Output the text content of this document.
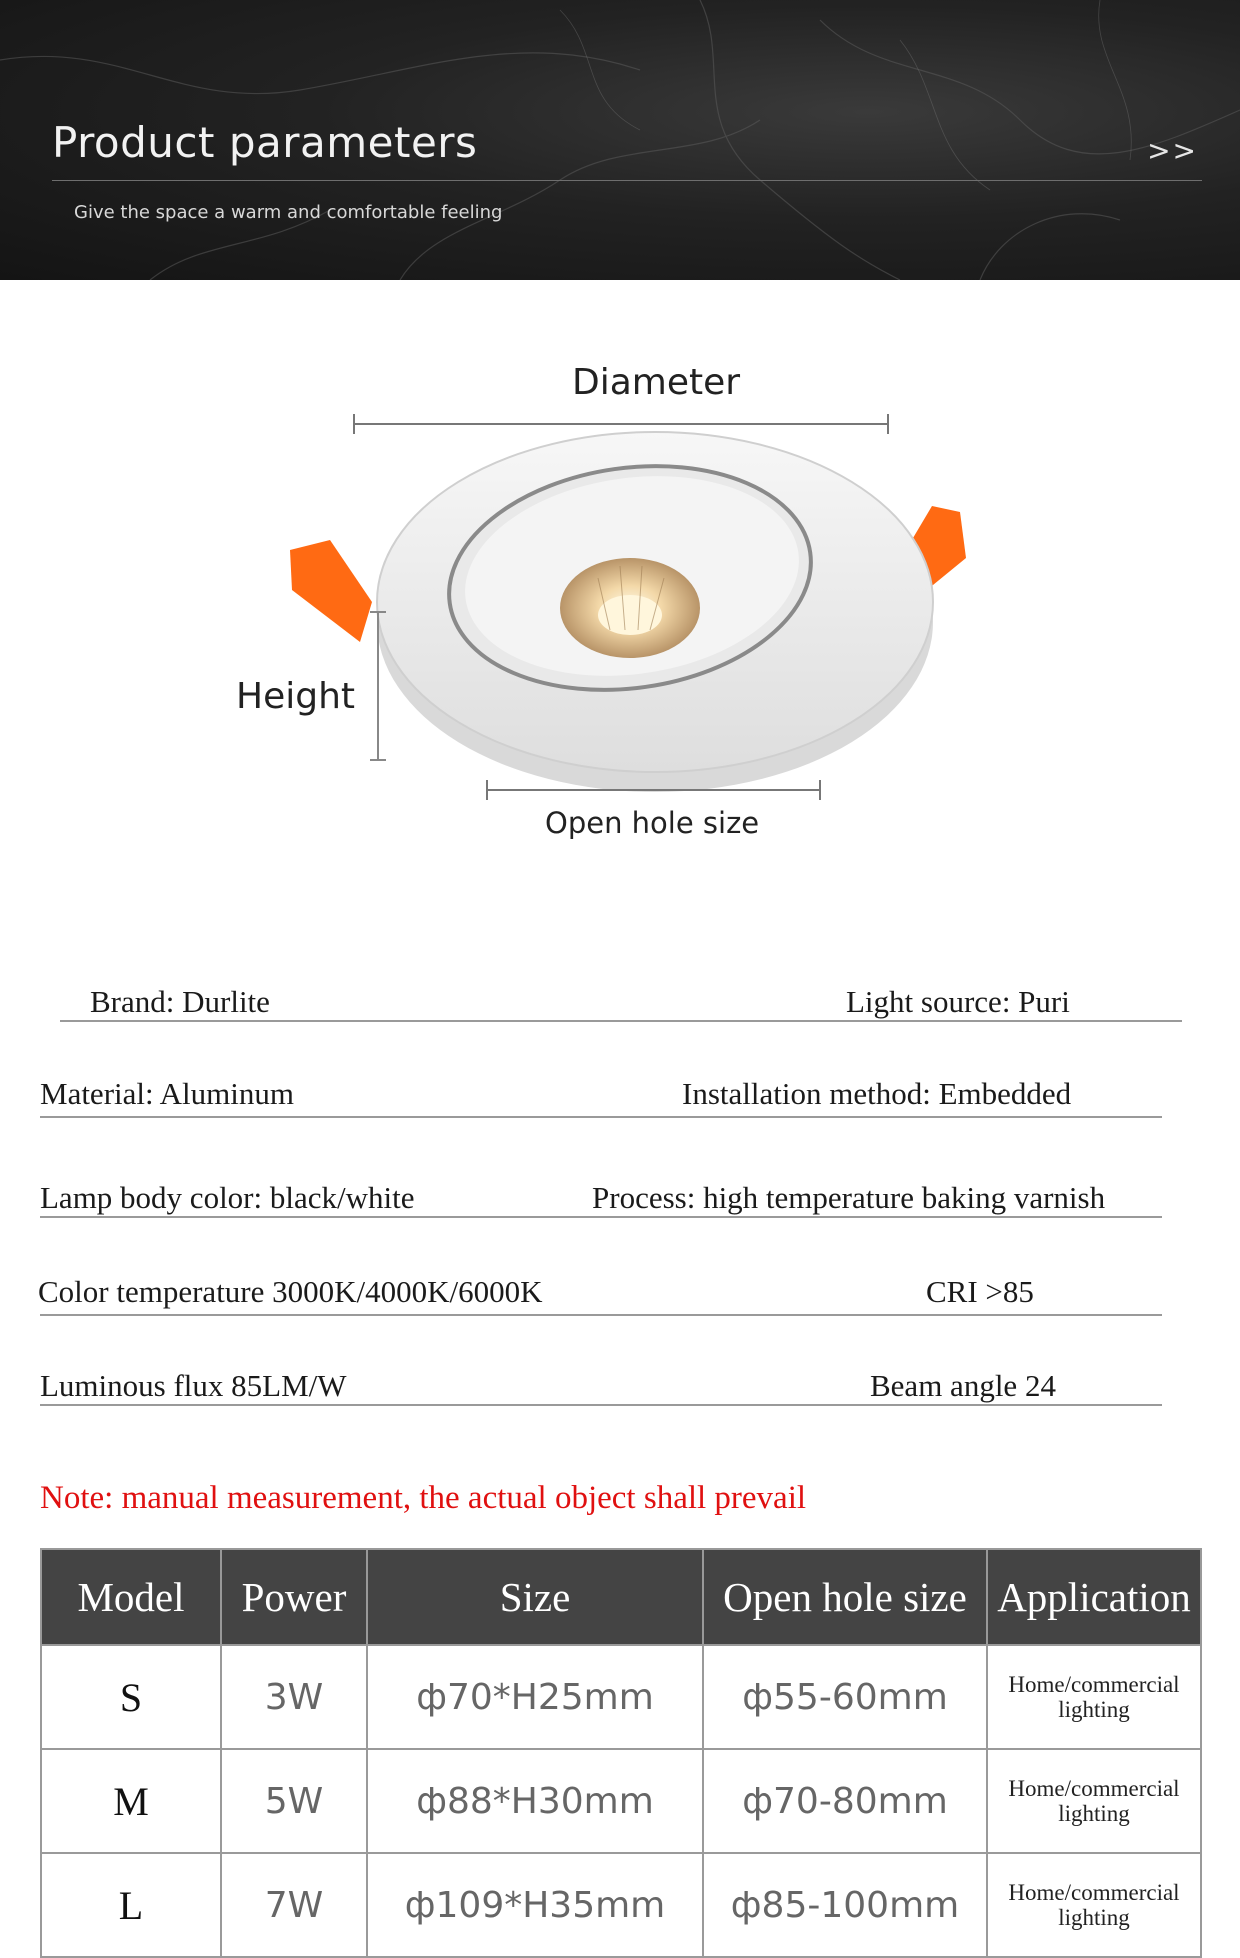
Product parameters	>>
Give the space a warm and comfortable feeling
Diameter
Height
Open hole size
Brand: Durlite	Light source: Puri
Material: Aluminum	Installation method: Embedded
Lamp body color: black/white	Process: high temperature baking varnish
Color temperature 3000K/4000K/6000K	CRI >85
Luminous flux 85LM/W	Beam angle 24
Note: manual measurement, the actual object shall prevail
Model	Power	Size	Open hole size	Application
S	3W	ф70*H25mm	ф55-60mm	Home/commercial
lighting

M	5W	ф88*H30mm	ф70-80mm	Home/commercial
lighting

L	7W	ф109*H35mm	ф85-100mm	Home/commercial
lighting
